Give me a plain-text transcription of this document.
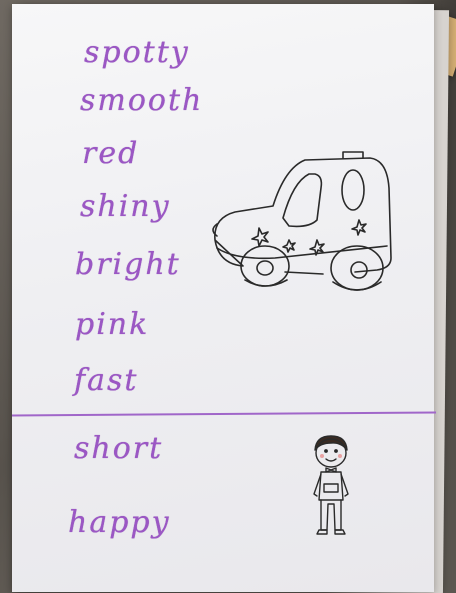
spotty
smooth
red
shiny
bright
pink
fast
short
happy
